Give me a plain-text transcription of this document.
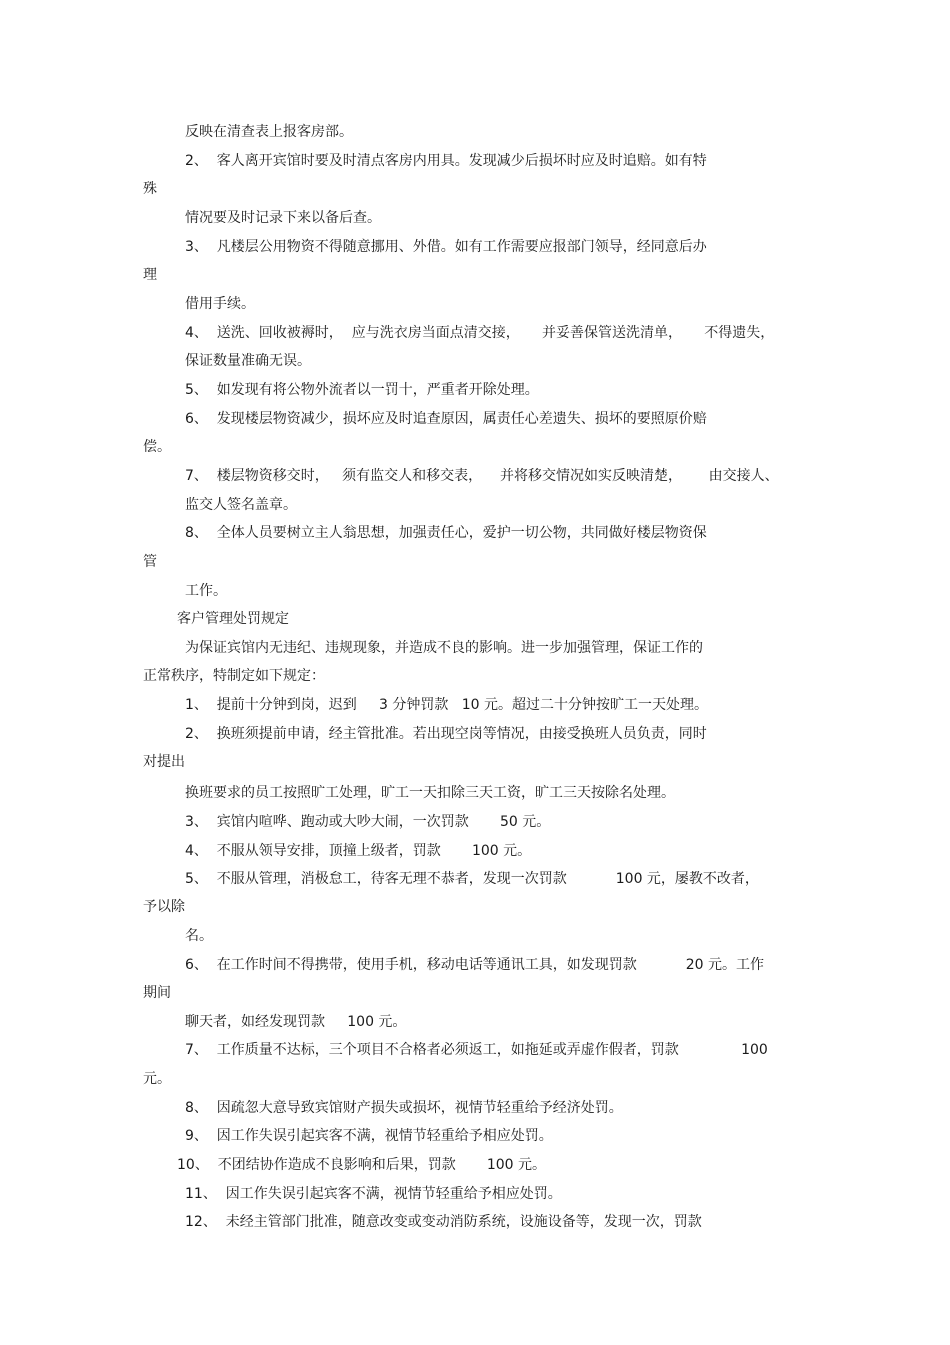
反映在清查表上报客房部。
2、  客人离开宾馆时要及时清点客房内用具。发现减少后损坏时应及时追赔。如有特
殊
情况要及时记录下来以备后查。
3、  凡楼层公用物资不得随意挪用、外借。如有工作需要应报部门领导，经同意后办
理
借用手续。
4、  送洗、回收被褥时，  应与洗衣房当面点清交接，     并妥善保管送洗清单，     不得遗失，
保证数量准确无误。
5、  如发现有将公物外流者以一罚十，严重者开除处理。
6、  发现楼层物资减少，损坏应及时追查原因，属责任心差遗失、损坏的要照原价赔
偿。
7、  楼层物资移交时，   须有监交人和移交表，    并将移交情况如实反映清楚，      由交接人、
监交人签名盖章。
8、  全体人员要树立主人翁思想，加强责任心，爱护一切公物，共同做好楼层物资保
管
工作。
客户管理处罚规定
为保证宾馆内无违纪、违规现象，并造成不良的影响。进一步加强管理，保证工作的
正常秩序，特制定如下规定：
1、  提前十分钟到岗，迟到     3 分钟罚款   10 元。超过二十分钟按旷工一天处理。
2、  换班须提前申请，经主管批准。若出现空岗等情况，由接受换班人员负责，同时
对提出
换班要求的员工按照旷工处理，旷工一天扣除三天工资，旷工三天按除名处理。
3、  宾馆内喧哗、跑动或大吵大闹，一次罚款       50 元。
4、  不服从领导安排，顶撞上级者，罚款       100 元。
5、  不服从管理，消极怠工，待客无理不恭者，发现一次罚款           100 元，屡教不改者，
予以除
名。
6、  在工作时间不得携带，使用手机，移动电话等通讯工具，如发现罚款           20 元。工作
期间
聊天者，如经发现罚款     100 元。
7、  工作质量不达标，三个项目不合格者必须返工，如拖延或弄虚作假者，罚款              100
元。
8、  因疏忽大意导致宾馆财产损失或损坏，视情节轻重给予经济处罚。
9、  因工作失误引起宾客不满，视情节轻重给予相应处罚。
10、  不团结协作造成不良影响和后果，罚款       100 元。
11、  因工作失误引起宾客不满，视情节轻重给予相应处罚。
12、  未经主管部门批准，随意改变或变动消防系统，设施设备等，发现一次，罚款
